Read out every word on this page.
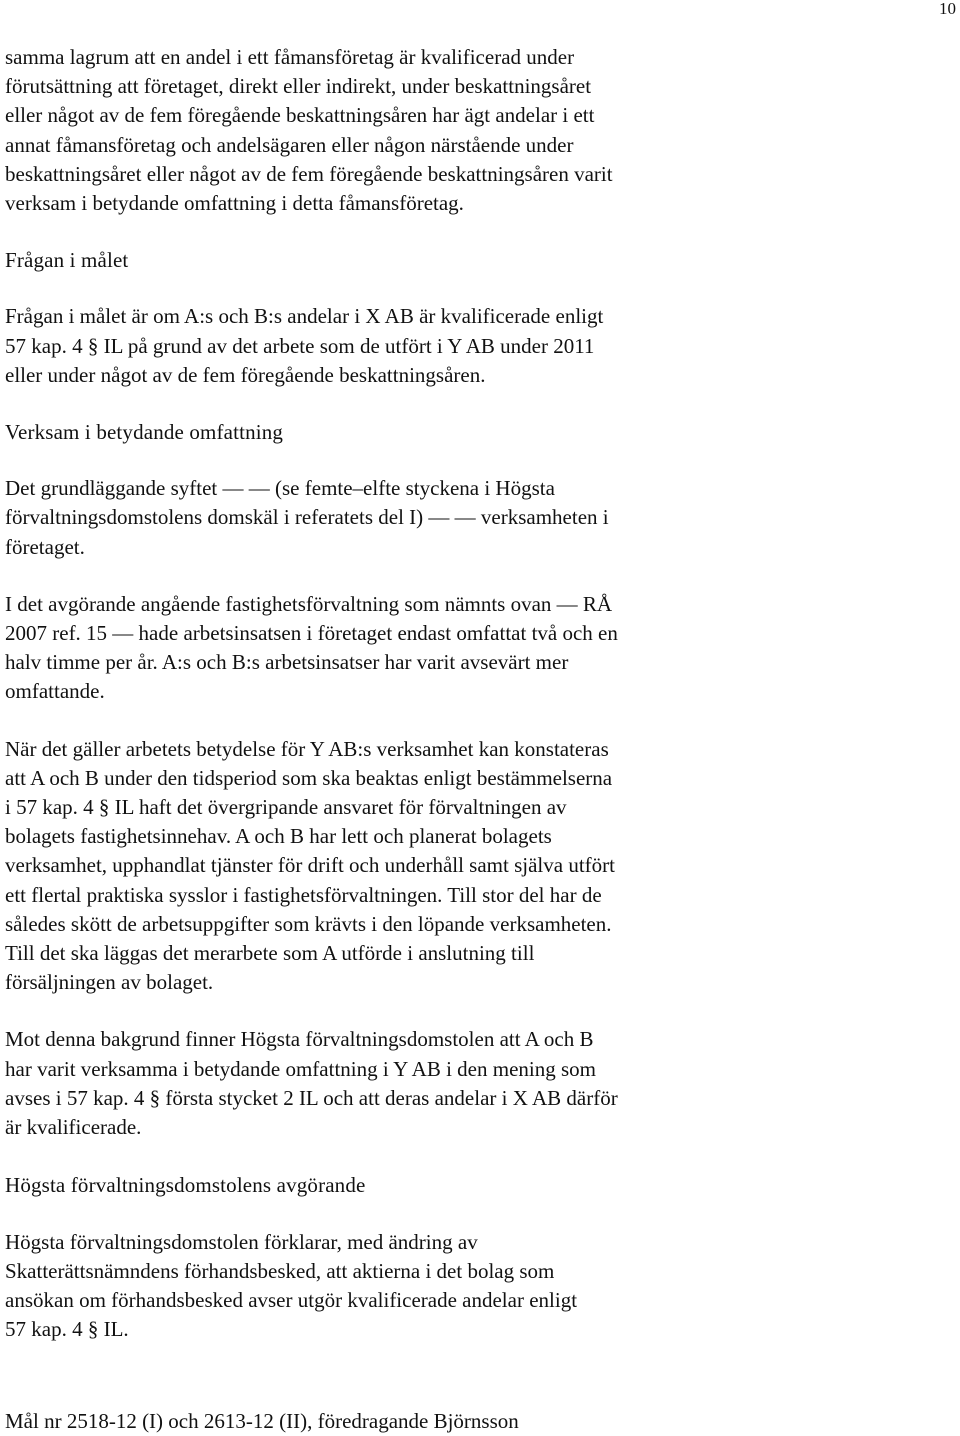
10

samma lagrum att en andel i ett fåmansföretag är kvalificerad under
förutsättning att företaget, direkt eller indirekt, under beskattningsåret
eller något av de fem föregående beskattningsåren har ägt andelar i ett
annat fåmansföretag och andelsägaren eller någon närstående under
beskattningsåret eller något av de fem föregående beskattningsåren varit
verksam i betydande omfattning i detta fåmansföretag.

Frågan i målet

Frågan i målet är om A:s och B:s andelar i X AB är kvalificerade enligt
57 kap. 4 § IL på grund av det arbete som de utfört i Y AB under 2011
eller under något av de fem föregående beskattningsåren.

Verksam i betydande omfattning

Det grundläggande syftet — — (se femte–elfte styckena i Högsta
förvaltningsdomstolens domskäl i referatets del I) — — verksamheten i
företaget.

I det avgörande angående fastighetsförvaltning som nämnts ovan — RÅ
2007 ref. 15 — hade arbetsinsatsen i företaget endast omfattat två och en
halv timme per år. A:s och B:s arbetsinsatser har varit avsevärt mer
omfattande.

När det gäller arbetets betydelse för Y AB:s verksamhet kan konstateras
att A och B under den tidsperiod som ska beaktas enligt bestämmelserna
i 57 kap. 4 § IL haft det övergripande ansvaret för förvaltningen av
bolagets fastighetsinnehav. A och B har lett och planerat bolagets
verksamhet, upphandlat tjänster för drift och underhåll samt själva utfört
ett flertal praktiska sysslor i fastighetsförvaltningen. Till stor del har de
således skött de arbetsuppgifter som krävts i den löpande verksamheten.
Till det ska läggas det merarbete som A utförde i anslutning till
försäljningen av bolaget.

Mot denna bakgrund finner Högsta förvaltningsdomstolen att A och B
har varit verksamma i betydande omfattning i Y AB i den mening som
avses i 57 kap. 4 § första stycket 2 IL och att deras andelar i X AB därför
är kvalificerade.

Högsta förvaltningsdomstolens avgörande

Högsta förvaltningsdomstolen förklarar, med ändring av
Skatterättsnämndens förhandsbesked, att aktierna i det bolag som
ansökan om förhandsbesked avser utgör kvalificerade andelar enligt
57 kap. 4 § IL.

Mål nr 2518-12 (I) och 2613-12 (II), föredragande Björnsson
